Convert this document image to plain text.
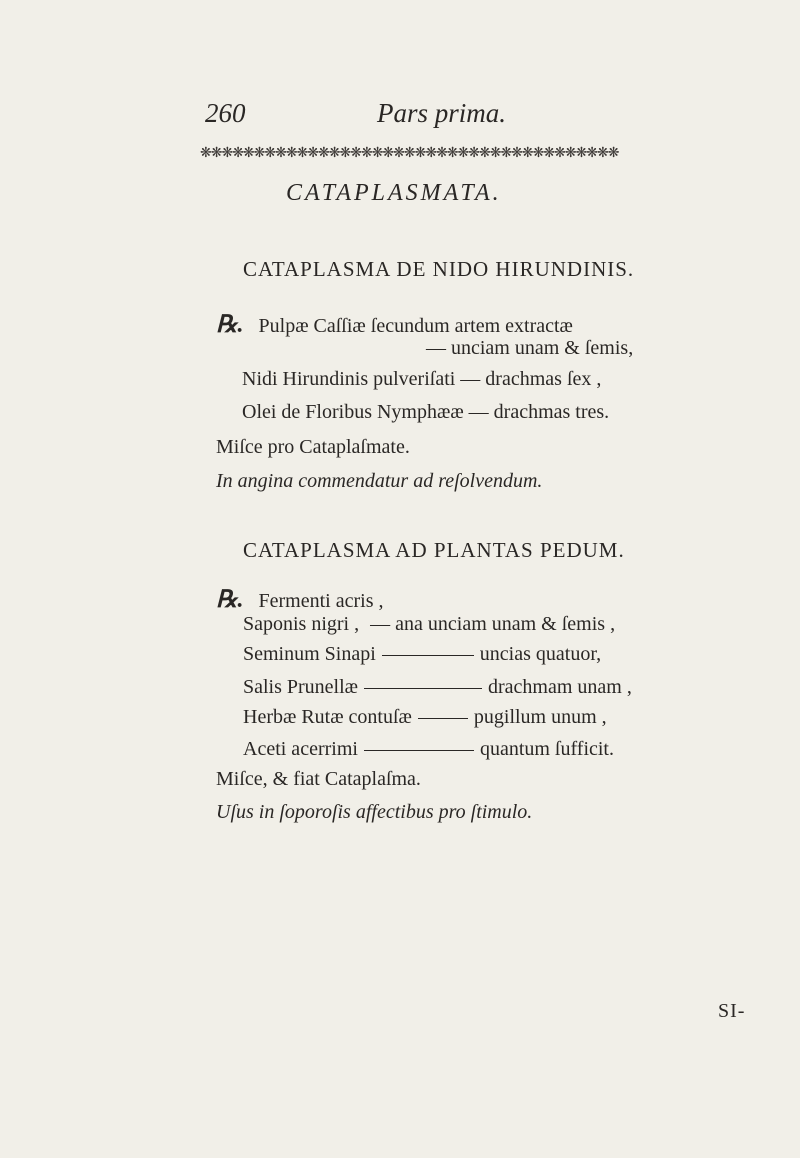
260	Pars prima.
❋❋❋❋❋❋❋❋❋❋❋❋❋❋❋❋❋❋❋❋❋❋❋❋❋❋❋❋❋❋❋❋❋❋❋❋❋❋❋
CATAPLASMATA.
CATAPLASMA DE NIDO HIRUNDINIS.
℞. Pulpæ Caſſiæ ſecundum artem extractæ
— unciam unam & ſemis,
Nidi Hirundinis pulveriſati — drachmas ſex ,
Olei de Floribus Nymphææ — drachmas tres.
Miſce pro Cataplaſmate.
In angina commendatur ad reſolvendum.
CATAPLASMA AD PLANTAS PEDUM.
℞. Fermenti acris ,
Saponis nigri , — ana unciam unam & ſemis ,
Seminum Sinapi	uncias quatuor,
Salis Prunellæ	drachmam unam ,
Herbæ Rutæ contuſæ	pugillum unum ,
Aceti acerrimi	quantum ſufficit.
Miſce, & fiat Cataplaſma.
Uſus in ſoporoſis affectibus pro ſtimulo.
SI-
